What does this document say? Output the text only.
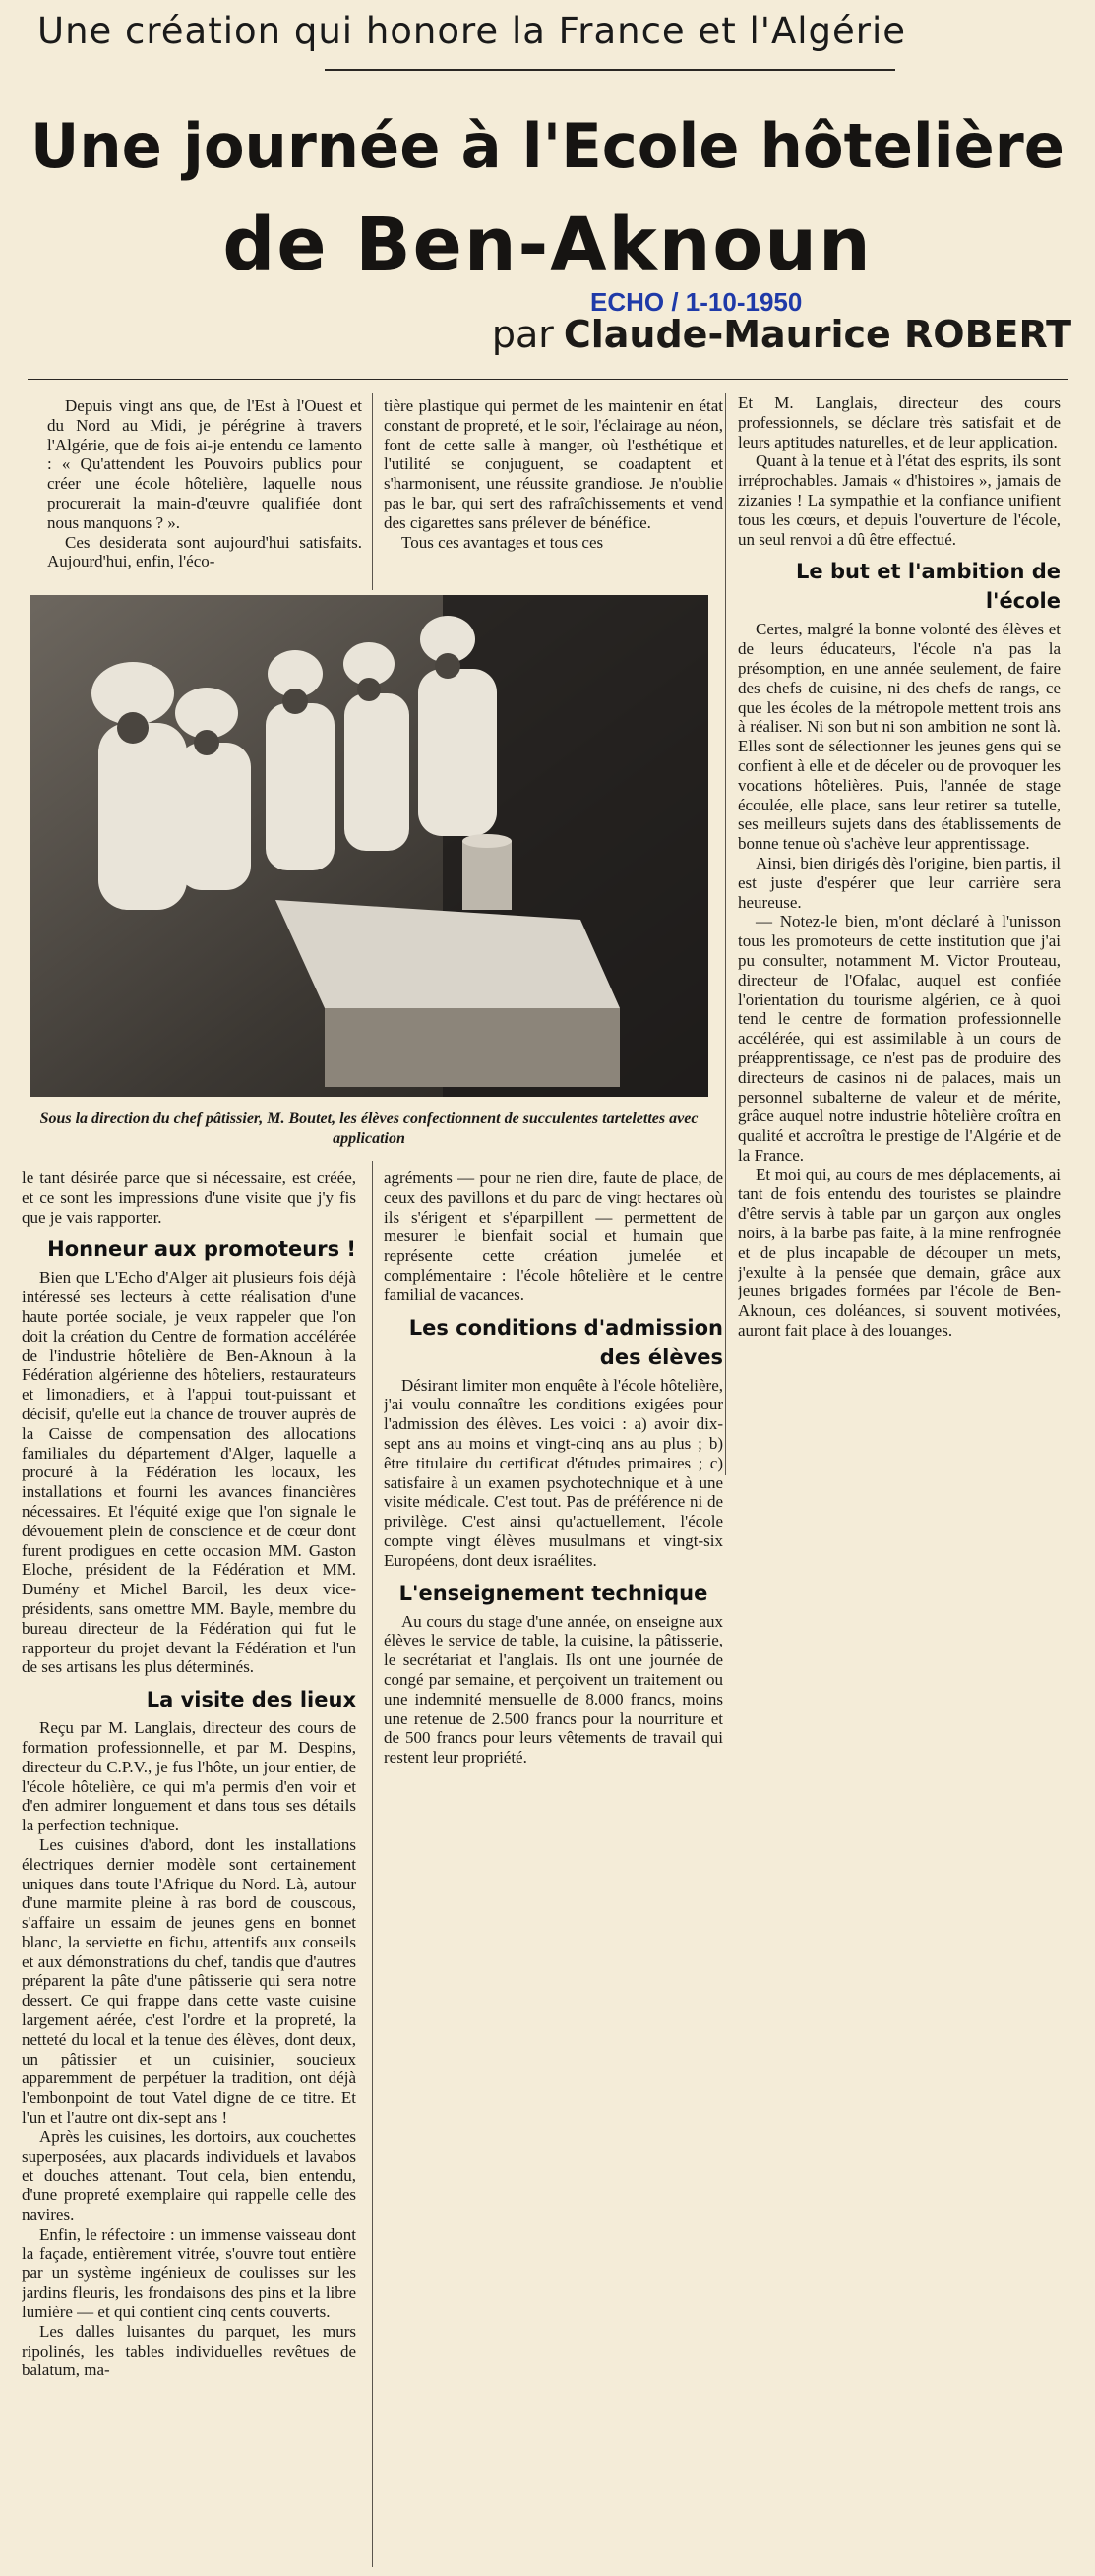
Une création qui honore la France et l'Algérie
Une journée à l'Ecole hôtelière
de Ben-Aknoun
ECHO / 1-10-1950
par Claude-Maurice ROBERT

Depuis vingt ans que, de l'Est à l'Ouest et du Nord au Midi, je pérégrine à travers l'Algérie, que de fois ai-je entendu ce lamento : « Qu'attendent les Pouvoirs publics pour créer une école hôtelière, laquelle nous procurerait la main-d'œuvre qualifiée dont nous manquons ? ».

Ces desiderata sont aujourd'hui satisfaits. Aujourd'hui, enfin, l'éco-

tière plastique qui permet de les maintenir en état constant de propreté, et le soir, l'éclairage au néon, font de cette salle à manger, où l'esthétique et l'utilité se conjuguent, se coadaptent et s'harmonisent, une réussite grandiose. Je n'oublie pas le bar, qui sert des rafraîchissements et vend des cigarettes sans prélever de bénéfice.

Tous ces avantages et tous ces

Sous la direction du chef pâtissier, M. Boutet, les élèves confectionnent de succulentes tartelettes avec application

Et M. Langlais, directeur des cours professionnels, se déclare très satisfait et de leurs aptitudes naturelles, et de leur application.

Quant à la tenue et à l'état des esprits, ils sont irréprochables. Jamais « d'histoires », jamais de zizanies ! La sympathie et la confiance unifient tous les cœurs, et depuis l'ouverture de l'école, un seul renvoi a dû être effectué.

Le but et l'ambition de l'école

Certes, malgré la bonne volonté des élèves et de leurs éducateurs, l'école n'a pas la présomption, en une année seulement, de faire des chefs de cuisine, ni des chefs de rangs, ce que les écoles de la métropole mettent trois ans à réaliser. Ni son but ni son ambition ne sont là. Elles sont de sélectionner les jeunes gens qui se confient à elle et de déceler ou de provoquer les vocations hôtelières. Puis, l'année de stage écoulée, elle place, sans leur retirer sa tutelle, ses meilleurs sujets dans des établissements de bonne tenue où s'achève leur apprentissage.

Ainsi, bien dirigés dès l'origine, bien partis, il est juste d'espérer que leur carrière sera heureuse.

— Notez-le bien, m'ont déclaré à l'unisson tous les promoteurs de cette institution que j'ai pu consulter, notamment M. Victor Prouteau, directeur de l'Ofalac, auquel est confiée l'orientation du tourisme algérien, ce à quoi tend le centre de formation professionnelle accélérée, qui est assimilable à un cours de préapprentissage, ce n'est pas de produire des directeurs de casinos ni de palaces, mais un personnel subalterne de valeur et de mérite, grâce auquel notre industrie hôtelière croîtra en qualité et accroîtra le prestige de l'Algérie et de la France.

Et moi qui, au cours de mes déplacements, ai tant de fois entendu des touristes se plaindre d'être servis à table par un garçon aux ongles noirs, à la barbe pas faite, à la mine renfrognée et de plus incapable de découper un mets, j'exulte à la pensée que demain, grâce aux jeunes brigades formées par l'école de Ben-Aknoun, ces doléances, si souvent motivées, auront fait place à des louanges.

le tant désirée parce que si nécessaire, est créée, et ce sont les impressions d'une visite que j'y fis que je vais rapporter.

Honneur aux promoteurs !

Bien que L'Echo d'Alger ait plusieurs fois déjà intéressé ses lecteurs à cette réalisation d'une haute portée sociale, je veux rappeler que l'on doit la création du Centre de formation accélérée de l'industrie hôtelière de Ben-Aknoun à la Fédération algérienne des hôteliers, restaurateurs et limonadiers, et à l'appui tout-puissant et décisif, qu'elle eut la chance de trouver auprès de la Caisse de compensation des allocations familiales du département d'Alger, laquelle a procuré à la Fédération les locaux, les installations et fourni les avances financières nécessaires. Et l'équité exige que l'on signale le dévouement plein de conscience et de cœur dont furent prodigues en cette occasion MM. Gaston Eloche, président de la Fédération et MM. Dumény et Michel Baroil, les deux vice-présidents, sans omettre MM. Bayle, membre du bureau directeur de la Fédération qui fut le rapporteur du projet devant la Fédération et l'un de ses artisans les plus déterminés.

La visite des lieux

Reçu par M. Langlais, directeur des cours de formation professionnelle, et par M. Despins, directeur du C.P.V., je fus l'hôte, un jour entier, de l'école hôtelière, ce qui m'a permis d'en voir et d'en admirer longuement et dans tous ses détails la perfection technique.

Les cuisines d'abord, dont les installations électriques dernier modèle sont certainement uniques dans toute l'Afrique du Nord. Là, autour d'une marmite pleine à ras bord de couscous, s'affaire un essaim de jeunes gens en bonnet blanc, la serviette en fichu, attentifs aux conseils et aux démonstrations du chef, tandis que d'autres préparent la pâte d'une pâtisserie qui sera notre dessert. Ce qui frappe dans cette vaste cuisine largement aérée, c'est l'ordre et la propreté, la netteté du local et la tenue des élèves, dont deux, un pâtissier et un cuisinier, soucieux apparemment de perpétuer la tradition, ont déjà l'embonpoint de tout Vatel digne de ce titre. Et l'un et l'autre ont dix-sept ans !

Après les cuisines, les dortoirs, aux couchettes superposées, aux placards individuels et lavabos et douches attenant. Tout cela, bien entendu, d'une propreté exemplaire qui rappelle celle des navires.

Enfin, le réfectoire : un immense vaisseau dont la façade, entièrement vitrée, s'ouvre tout entière par un système ingénieux de coulisses sur les jardins fleuris, les frondaisons des pins et la libre lumière — et qui contient cinq cents couverts.

Les dalles luisantes du parquet, les murs ripolinés, les tables individuelles revêtues de balatum, ma-

agréments — pour ne rien dire, faute de place, de ceux des pavillons et du parc de vingt hectares où ils s'érigent et s'éparpillent — permettent de mesurer le bienfait social et humain que représente cette création jumelée et complémentaire : l'école hôtelière et le centre familial de vacances.

Les conditions d'admission des élèves

Désirant limiter mon enquête à l'école hôtelière, j'ai voulu connaître les conditions exigées pour l'admission des élèves. Les voici : a) avoir dix-sept ans au moins et vingt-cinq ans au plus ; b) être titulaire du certificat d'études primaires ; c) satisfaire à un examen psychotechnique et à une visite médicale. C'est tout. Pas de préférence ni de privilège. C'est ainsi qu'actuellement, l'école compte vingt élèves musulmans et vingt-six Européens, dont deux israélites.

L'enseignement technique

Au cours du stage d'une année, on enseigne aux élèves le service de table, la cuisine, la pâtisserie, le secrétariat et l'anglais. Ils ont une journée de congé par semaine, et perçoivent un traitement ou une indemnité mensuelle de 8.000 francs, moins une retenue de 2.500 francs pour la nourriture et de 500 francs pour leurs vêtements de travail qui restent leur propriété.
